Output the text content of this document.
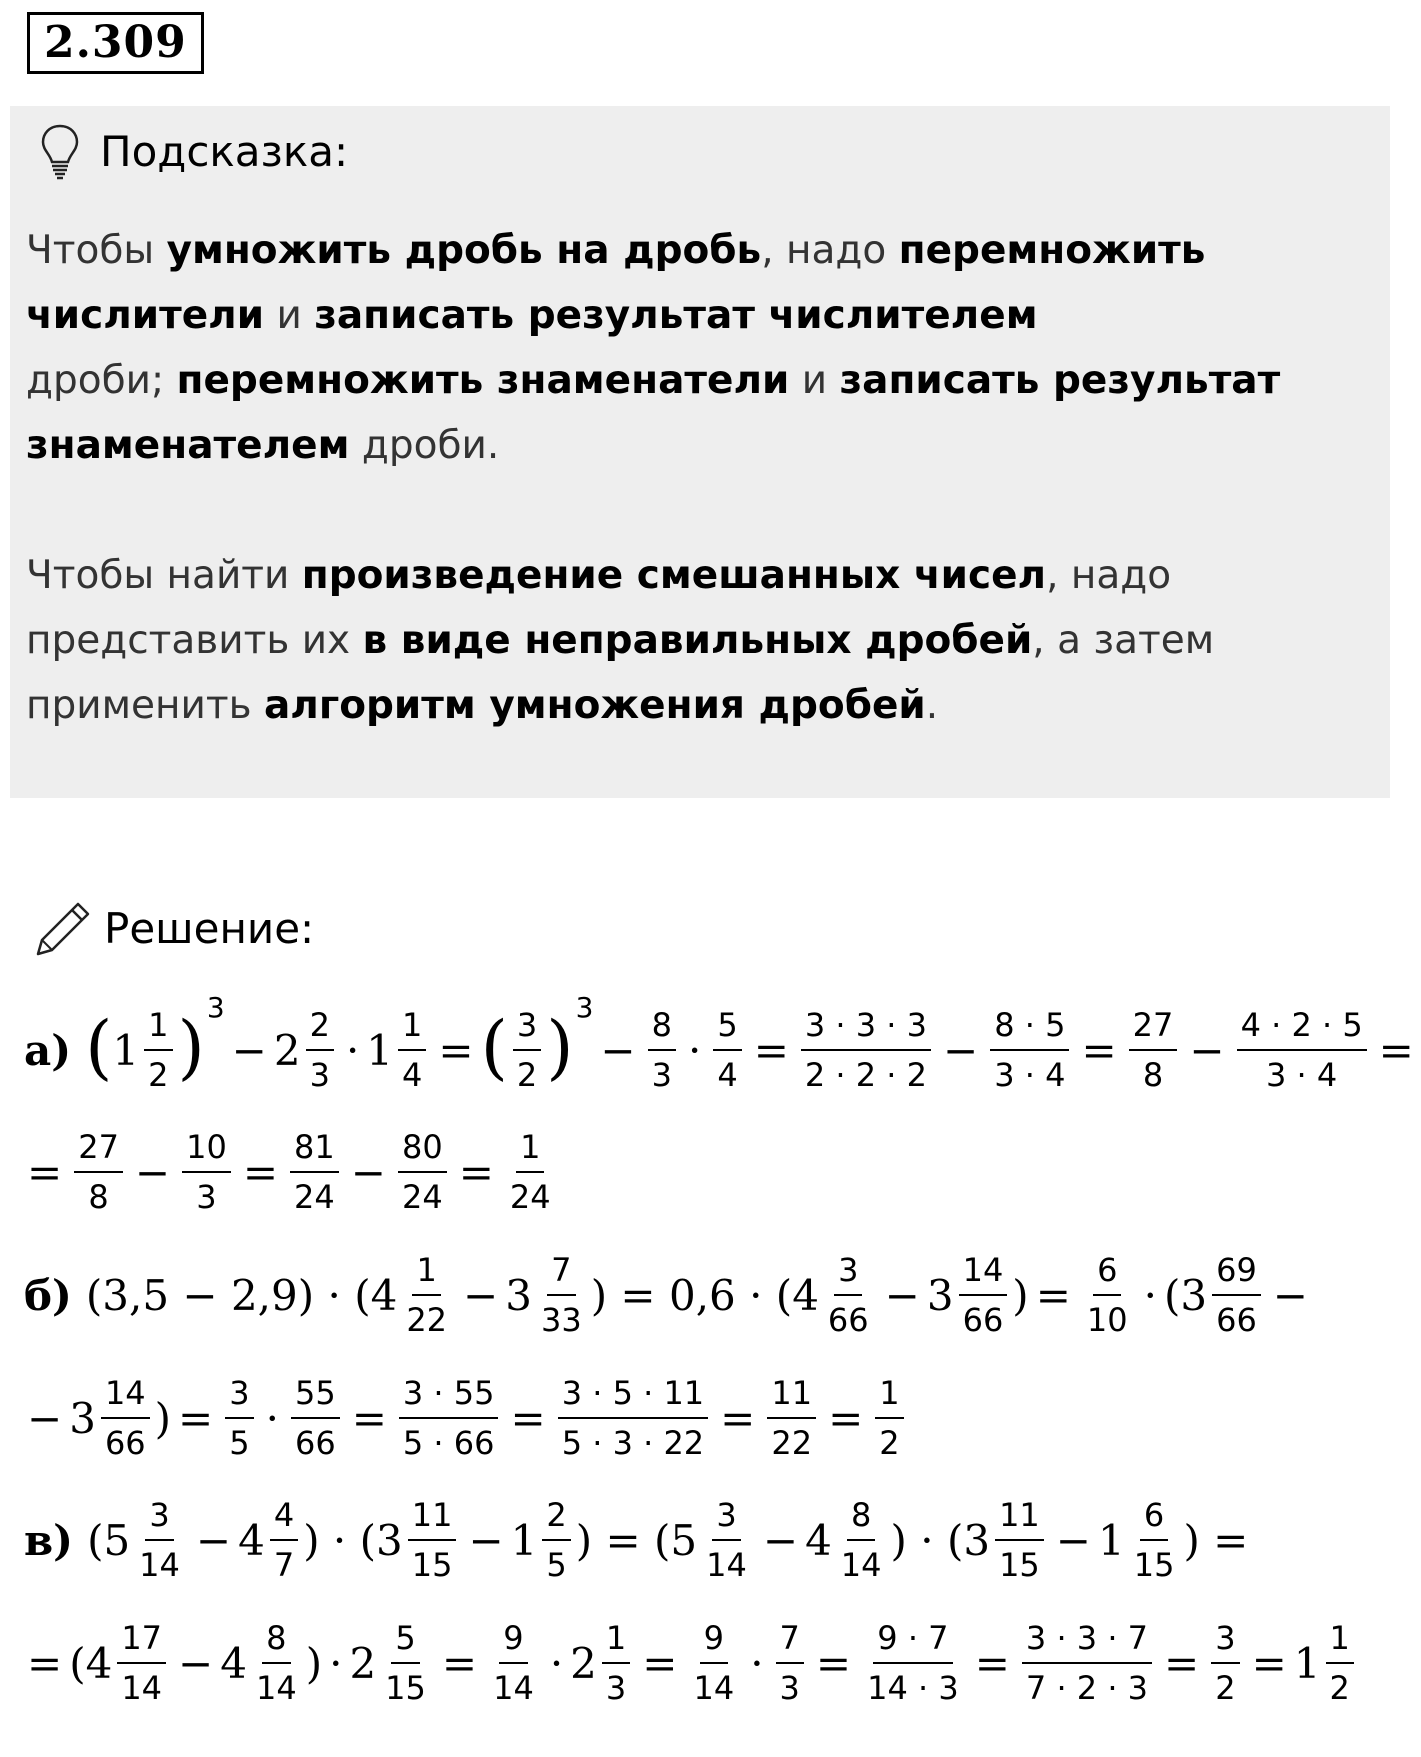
2.309
Подсказка:
Чтобы умножить дробь на дробь, надо перемножить числители и записать результат числителем
дроби; перемножить знаменатели и записать результат знаменателем дроби.
Чтобы найти произведение смешанных чисел, надо представить их в виде неправильных дробей, а затем применить алгоритм умножения дробей.
Решение:
а) ( $1 \frac{1}{2}$ ) 3
− $2 \frac{2}{3} \cdot 1 \frac{1}{4}$ = ( $\frac{3}{2}$ ) 3
− $\frac{8}{3} \cdot \frac{5}{4} = \frac{3 \cdot 3 \cdot 3}{2 \cdot 2 \cdot 2} - \frac{8 \cdot 5}{3 \cdot 4} = \frac{27}{8} - \frac{4 \cdot 2 \cdot 5}{3 \cdot 4}$ =
= $\frac{27}{8} - \frac{10}{3} = \frac{81}{24} - \frac{80}{24} = \frac{1}{24}$
б) $(3,5 - 2,9) \cdot (4 \frac{1}{22} - 3 \frac{7}{33}$ ) = $0,6 \cdot (4 \frac{3}{66} - 3 \frac{14}{66}$ ) = $\frac{6}{10} \cdot (3 \frac{69}{66}$ −
− $3 \frac{14}{66}$ ) = $\frac{3}{5} \cdot \frac{55}{66} = \frac{3 \cdot 55}{5 \cdot 66} = \frac{3 \cdot 5 \cdot 11}{5 \cdot 3 \cdot 22} = \frac{11}{22} = \frac{1}{2}$
в) ($5 \frac{3}{14} - 4 \frac{4}{7}$ ) · ($3 \frac{11}{15} - 1 \frac{2}{5}$ ) = ($5 \frac{3}{14} - 4 \frac{8}{14}$ ) · ($3 \frac{11}{15} - 1 \frac{6}{15}$ ) =
= ($4 \frac{17}{14} - 4 \frac{8}{14}$ ) · $2 \frac{5}{15} = \frac{9}{14} \cdot 2 \frac{1}{3} = \frac{9}{14} \cdot \frac{7}{3} = \frac{9 \cdot 7}{14 \cdot 3} = \frac{3 \cdot 3 \cdot 7}{7 \cdot 2 \cdot 3} = \frac{3}{2} = 1 \frac{1}{2}$
